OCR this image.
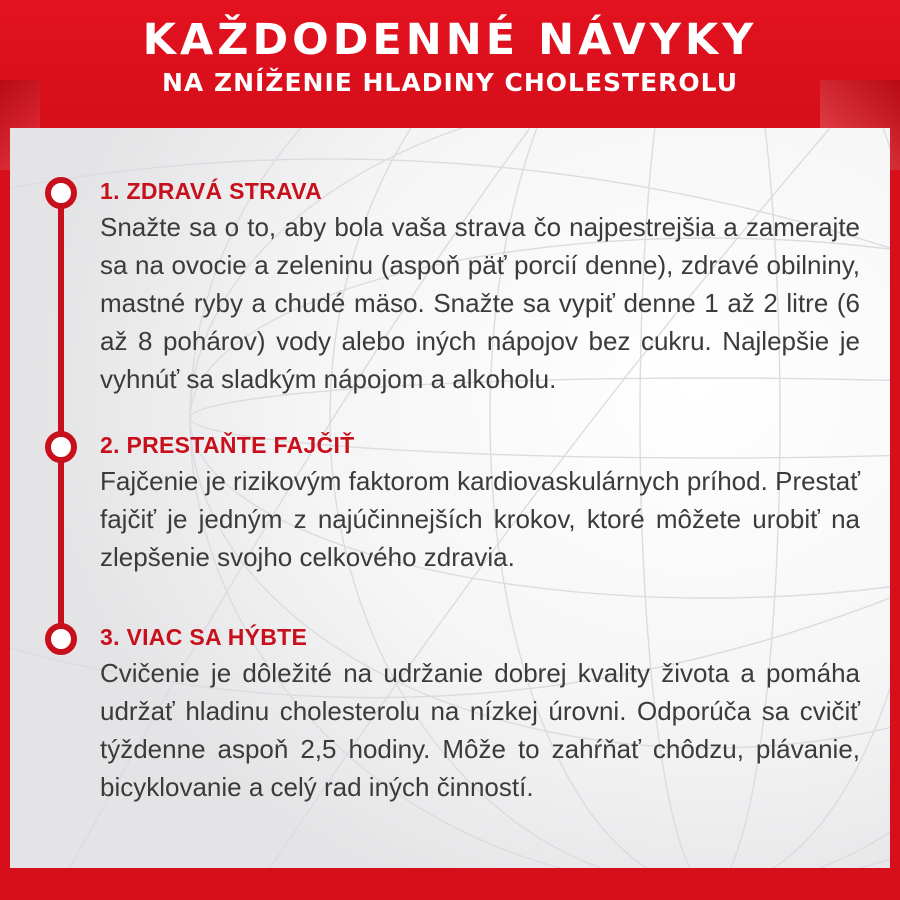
KAŽDODENNÉ NÁVYKY
NA ZNÍŽENIE HLADINY CHOLESTEROLU
1. ZDRAVÁ STRAVA
Snažte sa o to, aby bola vaša strava čo najpestrejšia a zamerajte sa na ovocie a zeleninu (aspoň päť porcií denne), zdravé obilniny, mastné ryby a chudé mäso. Snažte sa vypiť denne 1 až 2 litre (6 až 8 pohárov) vody alebo iných nápojov bez cukru. Najlepšie je vyhnúť sa sladkým nápojom a alkoholu.
2. PRESTAŇTE FAJČIŤ
Fajčenie je rizikovým faktorom kardiovaskulárnych príhod. Prestať fajčiť je jedným z najúčinnejších krokov, ktoré môžete urobiť na zlepšenie svojho celkového zdravia.
3. VIAC SA HÝBTE
Cvičenie je dôležité na udržanie dobrej kvality života a pomáha udržať hladinu cholesterolu na nízkej úrovni. Odporúča sa cvičiť týždenne aspoň 2,5 hodiny. Môže to zahŕňať chôdzu, plávanie, bicyklovanie a celý rad iných činností.
